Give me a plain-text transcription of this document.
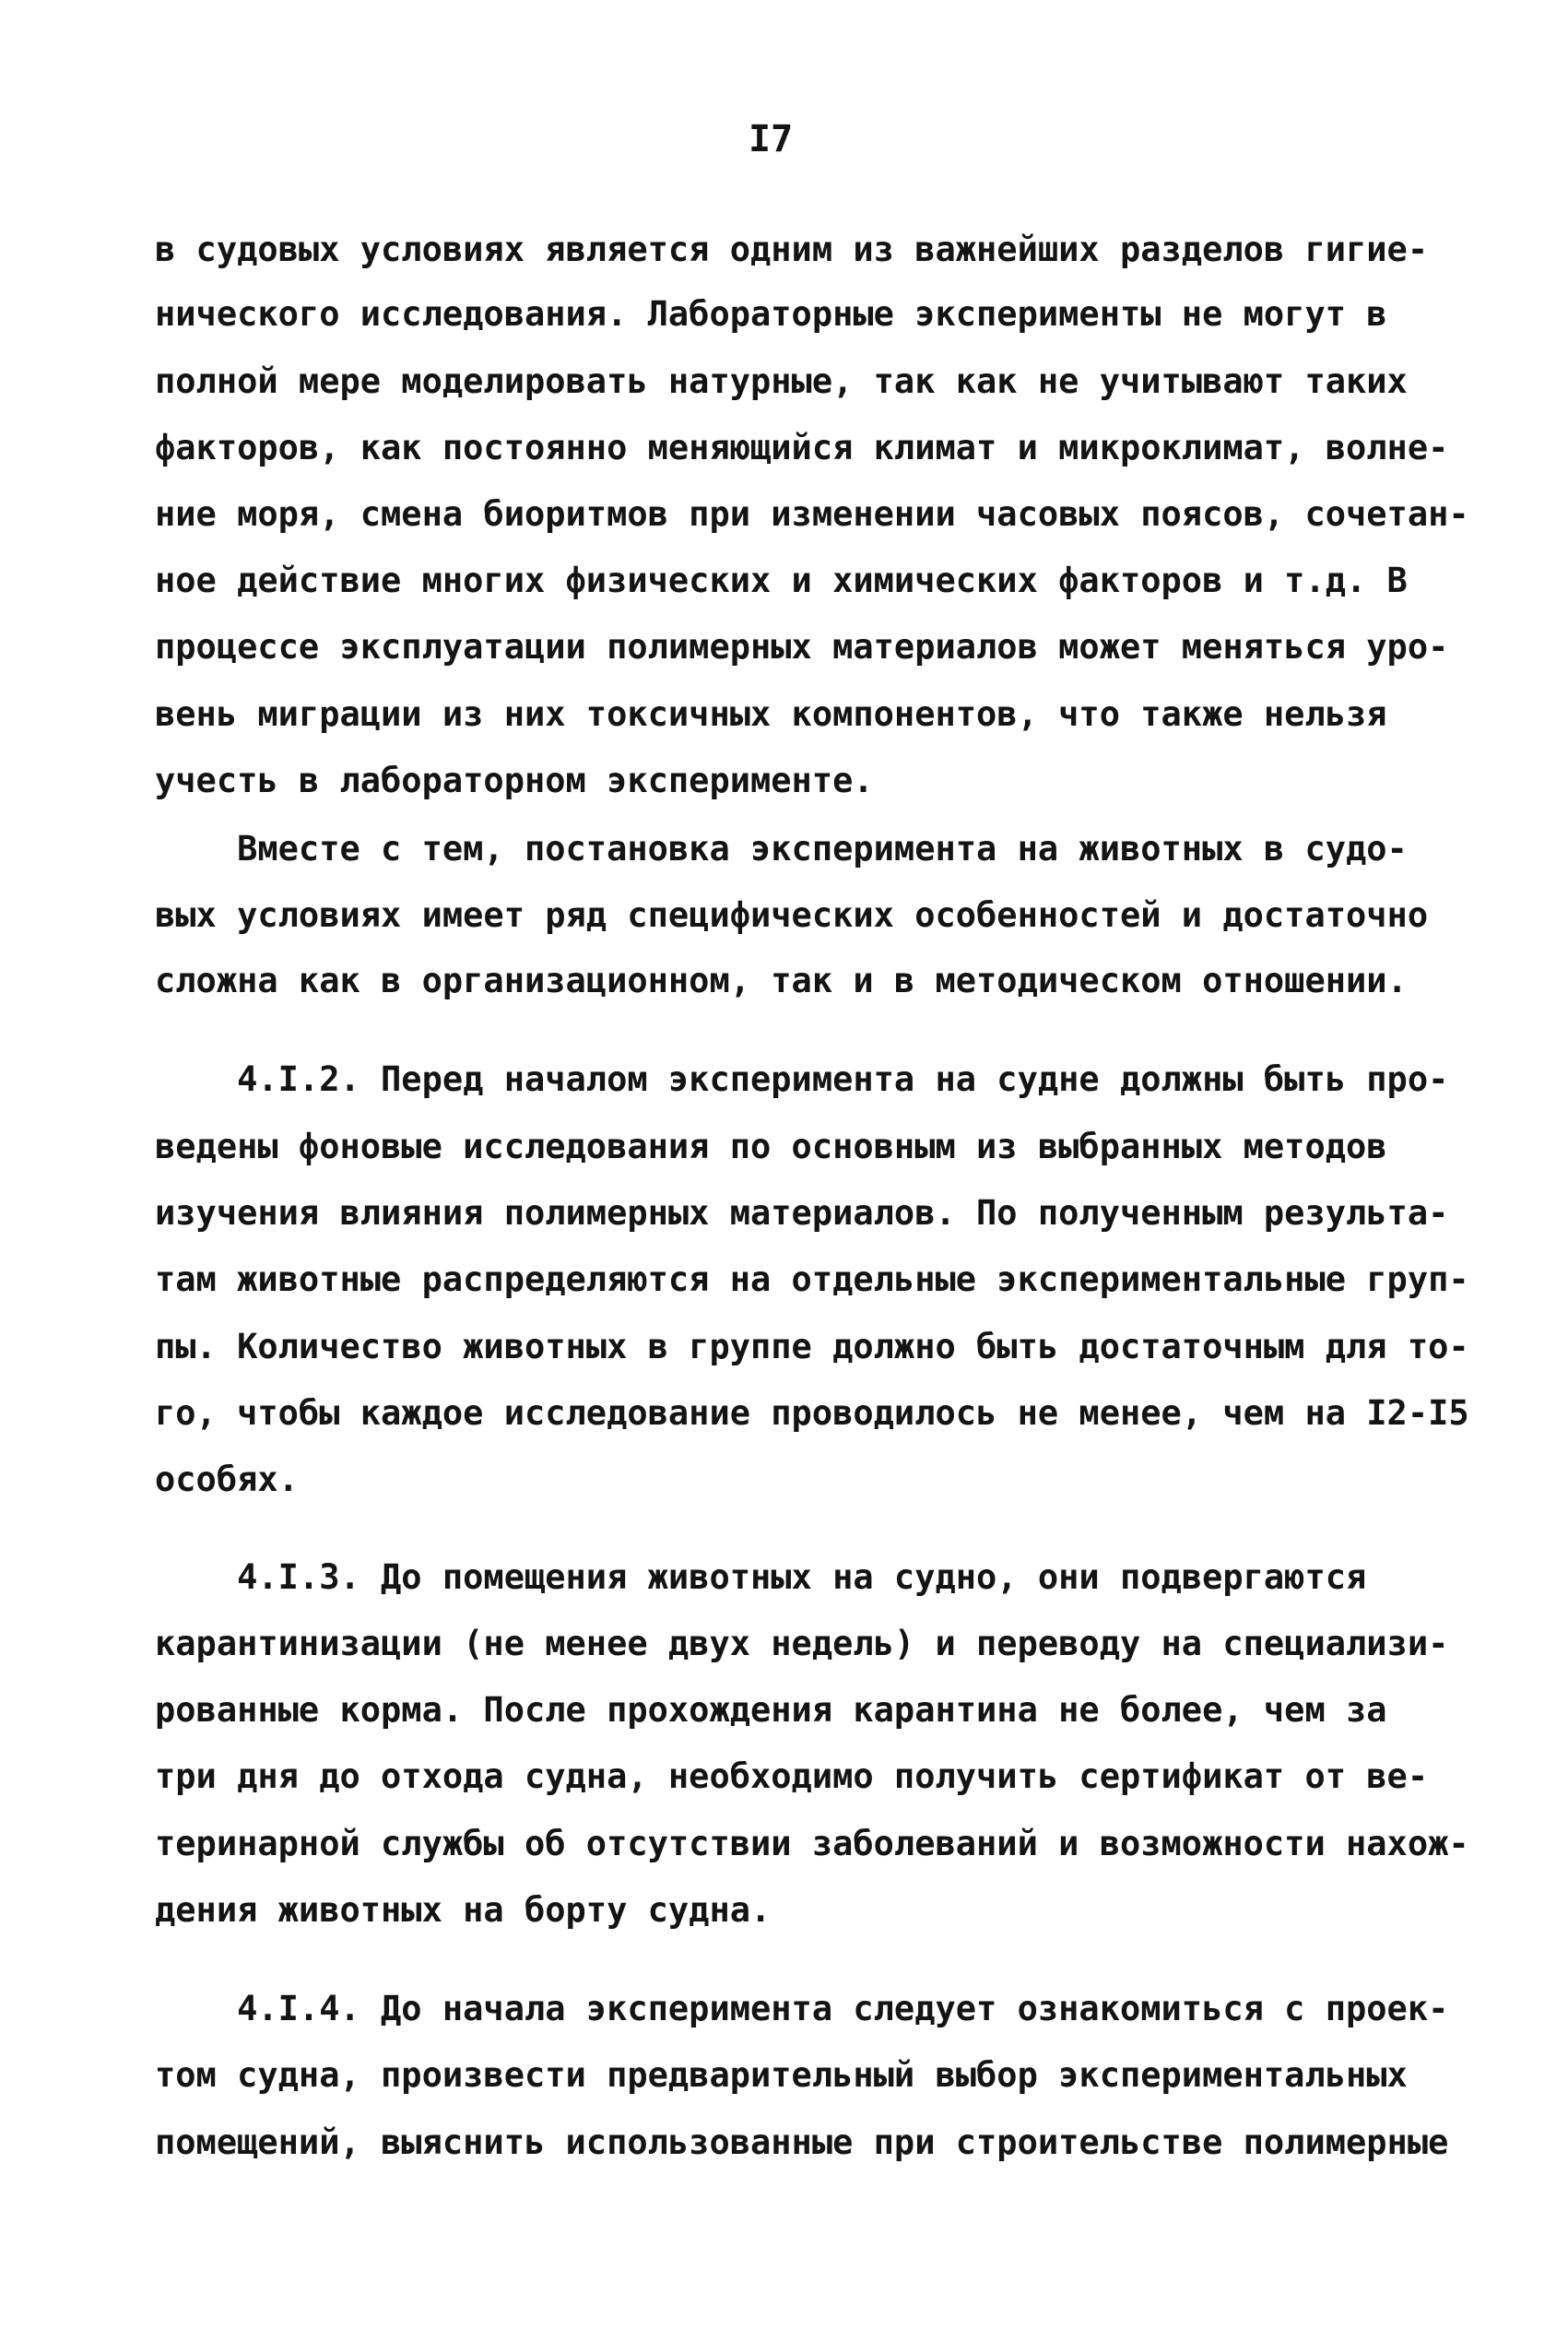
I7
в судовых условиях является одним из важнейших разделов гигие-
нического исследования. Лабораторные эксперименты не могут в
полной мере моделировать натурные, так как не учитывают таких
факторов, как постоянно меняющийся климат и микроклимат, волне-
ние моря, смена биоритмов при изменении часовых поясов, сочетан-
ное действие многих физических и химических факторов и т.д. В
процессе эксплуатации полимерных материалов может меняться уро-
вень миграции из них токсичных компонентов, что также нельзя
учесть в лабораторном эксперименте.
Вместе с тем, постановка эксперимента на животных в судо-
вых условиях имеет ряд специфических особенностей и достаточно
сложна как в организационном, так и в методическом отношении.
4.I.2. Перед началом эксперимента на судне должны быть про-
ведены фоновые исследования по основным из выбранных методов
изучения влияния полимерных материалов. По полученным результа-
там животные распределяются на отдельные экспериментальные груп-
пы. Количество животных в группе должно быть достаточным для то-
го, чтобы каждое исследование проводилось не менее, чем на I2-I5
особях.
4.I.3. До помещения животных на судно, они подвергаются
карантинизации (не менее двух недель) и переводу на специализи-
рованные корма. После прохождения карантина не более, чем за
три дня до отхода судна, необходимо получить сертификат от ве-
теринарной службы об отсутствии заболеваний и возможности нахож-
дения животных на борту судна.
4.I.4. До начала эксперимента следует ознакомиться с проек-
том судна, произвести предварительный выбор экспериментальных
помещений, выяснить использованные при строительстве полимерные
